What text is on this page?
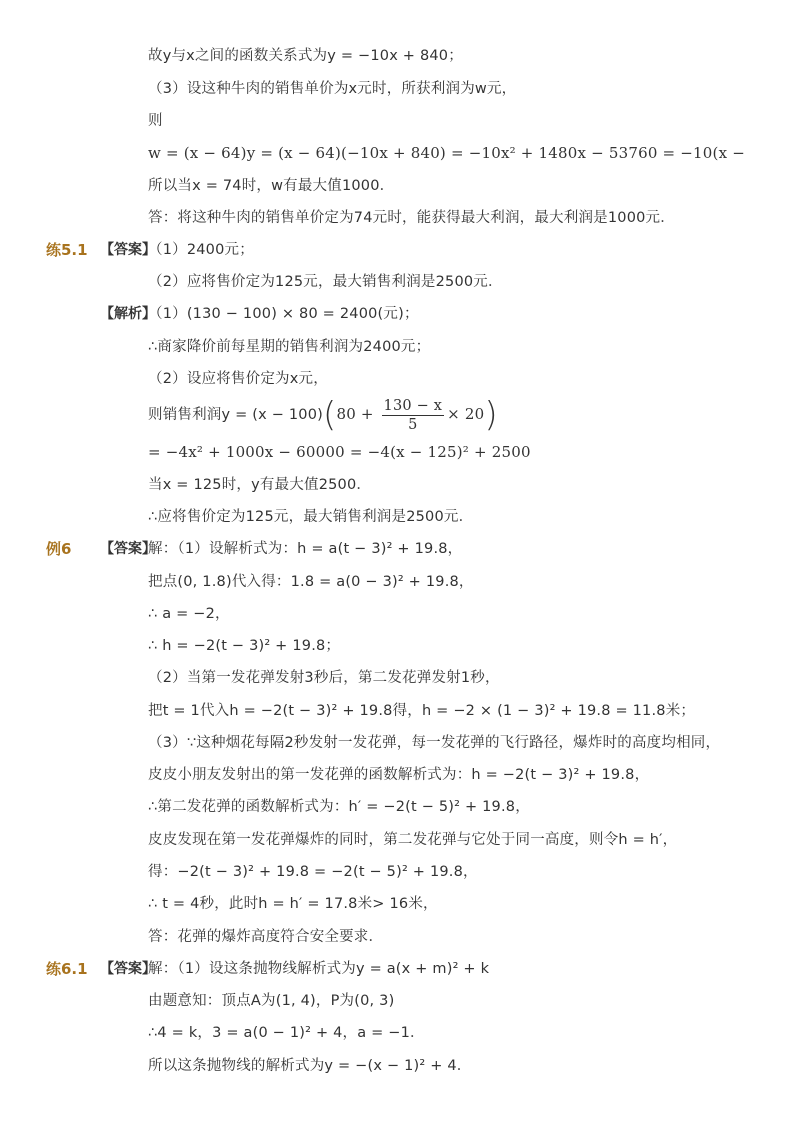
故y与x之间的函数关系式为y = −10x + 840；
（3）设这种牛肉的销售单价为x元时，所获利润为w元，
则
w = (x − 64)y = (x − 64)(−10x + 840) = −10x² + 1480x − 53760 = −10(x −
所以当x = 74时，w有最大值1000．
答：将这种牛肉的销售单价定为74元时，能获得最大利润，最大利润是1000元．
练5.1 【答案】
（1）2400元；
（2）应将售价定为125元，最大销售利润是2500元．
【解析】
（1）(130 − 100) × 80 = 2400(元)；
∴商家降价前每星期的销售利润为2400元；
（2）设应将售价定为x元，
则销售利润$y = (x - 100)(80 + \frac{130 - x}{5} \times 20)$
= −4x² + 1000x − 60000 = −4(x − 125)² + 2500
当x = 125时，y有最大值2500．
∴应将售价定为125元，最大销售利润是2500元．
例6 【答案】
解：（1）设解析式为：h = a(t − 3)² + 19.8，
把点(0, 1.8)代入得：1.8 = a(0 − 3)² + 19.8，
∴ a = −2，
∴ h = −2(t − 3)² + 19.8；
（2）当第一发花弹发射3秒后，第二发花弹发射1秒，
把t = 1代入h = −2(t − 3)² + 19.8得，h = −2 × (1 − 3)² + 19.8 = 11.8米；
（3）∵这种烟花每隔2秒发射一发花弹，每一发花弹的飞行路径，爆炸时的高度均相同，
皮皮小朋友发射出的第一发花弹的函数解析式为：h = −2(t − 3)² + 19.8，
∴第二发花弹的函数解析式为：h′ = −2(t − 5)² + 19.8，
皮皮发现在第一发花弹爆炸的同时，第二发花弹与它处于同一高度，则令h = h′，
得：−2(t − 3)² + 19.8 = −2(t − 5)² + 19.8，
∴ t = 4秒，此时h = h′ = 17.8米> 16米，
答：花弹的爆炸高度符合安全要求．
练6.1 【答案】
解：（1）设这条抛物线解析式为y = a(x + m)² + k
由题意知：顶点A为(1, 4)，P为(0, 3)
∴4 = k，3 = a(0 − 1)² + 4，a = −1．
所以这条抛物线的解析式为y = −(x − 1)² + 4．
